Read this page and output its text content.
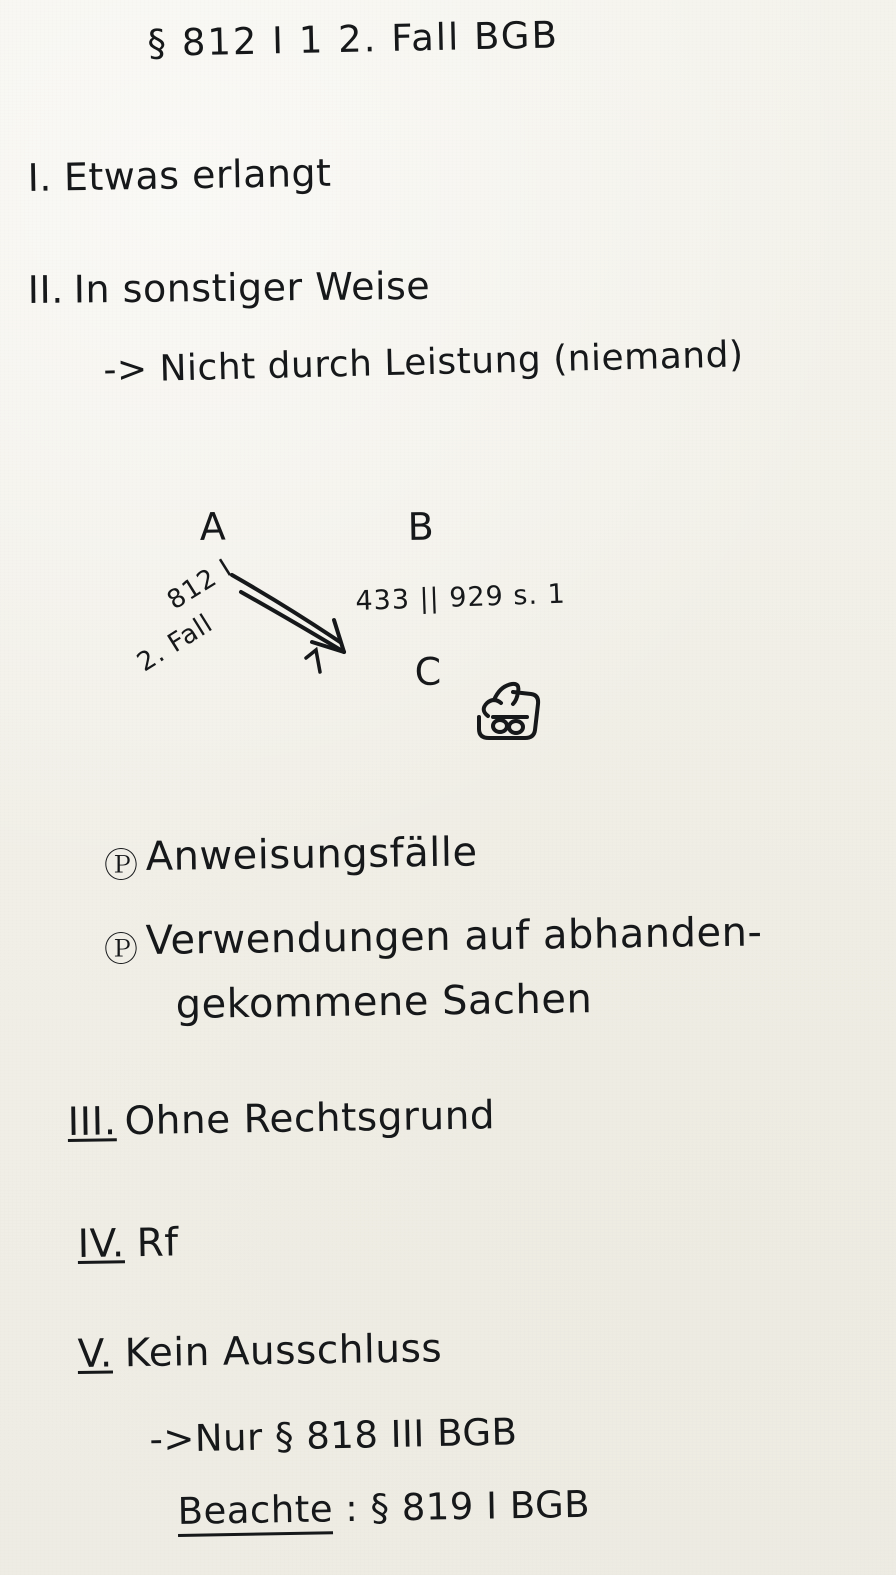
§ 812 I 1 2. Fall BGB
I. Etwas erlangt
II. In sonstiger Weise
-> Nicht durch Leistung (niemand)
A	B
C
433 || 929 s. 1
812 I
2. Fall
Ⓟ Anweisungsfälle
Ⓟ Verwendungen auf abhanden-
gekommene Sachen
III. Ohne Rechtsgrund
IV. Rf
V. Kein Ausschluss
->Nur § 818 III BGB
Beachte : § 819 I BGB
